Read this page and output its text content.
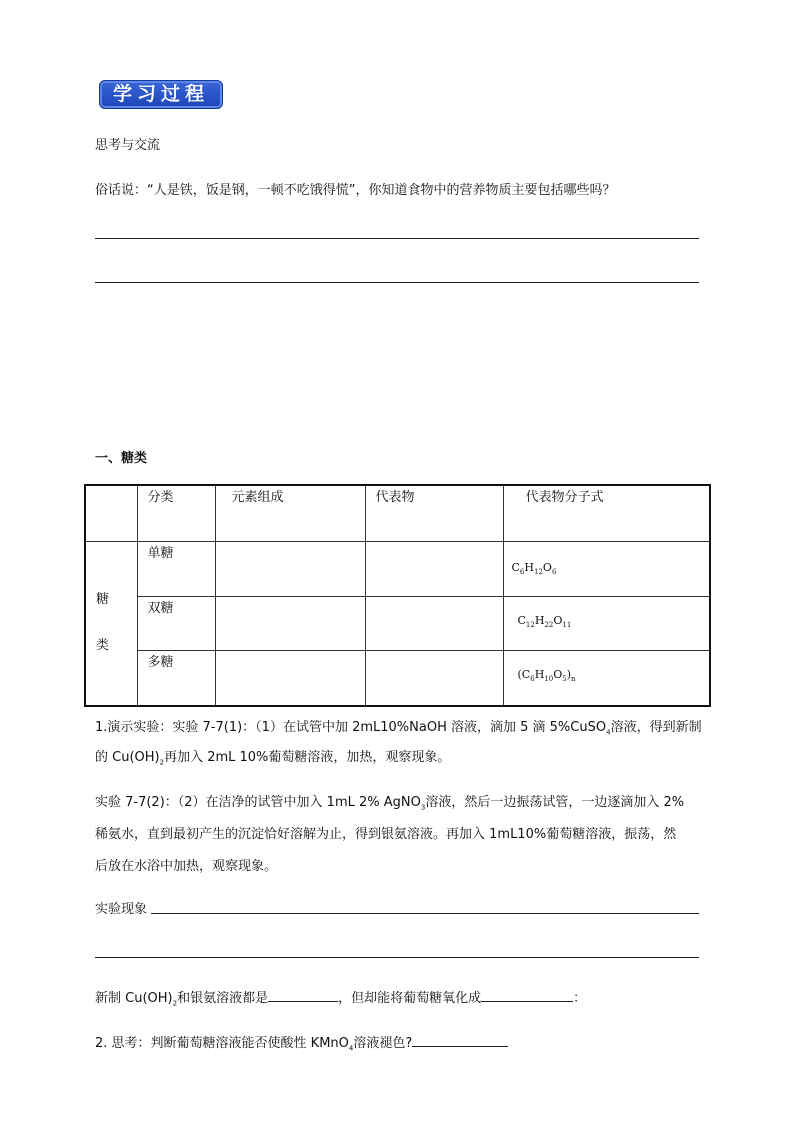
学习过程
思考与交流
俗话说：“人是铁，饭是钢，一顿不吃饿得慌”，你知道食物中的营养物质主要包括哪些吗？
一、糖类
	分类	元素组成	代表物	代表物分子式

糖
类	单糖			$C_6H_{12}O_6$
	双糖			$C_{12}H_{22}O_{11}$
	多糖			$(C_6H_{10}O_5)_n$
1.演示实验：实验 7-7(1)：（1）在试管中加 2mL10%NaOH 溶液，滴加 5 滴 5%CuSO$_4$溶液，得到新制
的 $Cu(OH)_2$再加入 2mL 10%葡萄糖溶液，加热，观察现象。
实验 7-7(2)：（2）在洁净的试管中加入 1mL 2% AgNO$_3$溶液，然后一边振荡试管，一边逐滴加入 2%
稀氨水，直到最初产生的沉淀恰好溶解为止，得到银氨溶液。再加入 1mL10%葡萄糖溶液，振荡，然
后放在水浴中加热，观察现象。
实验现象
新制 $Cu(OH)_2$和银氨溶液都是	，但却能将葡萄糖氧化成	：
2. 思考：判断葡萄糖溶液能否使酸性 KMnO$_4$溶液褪色?
